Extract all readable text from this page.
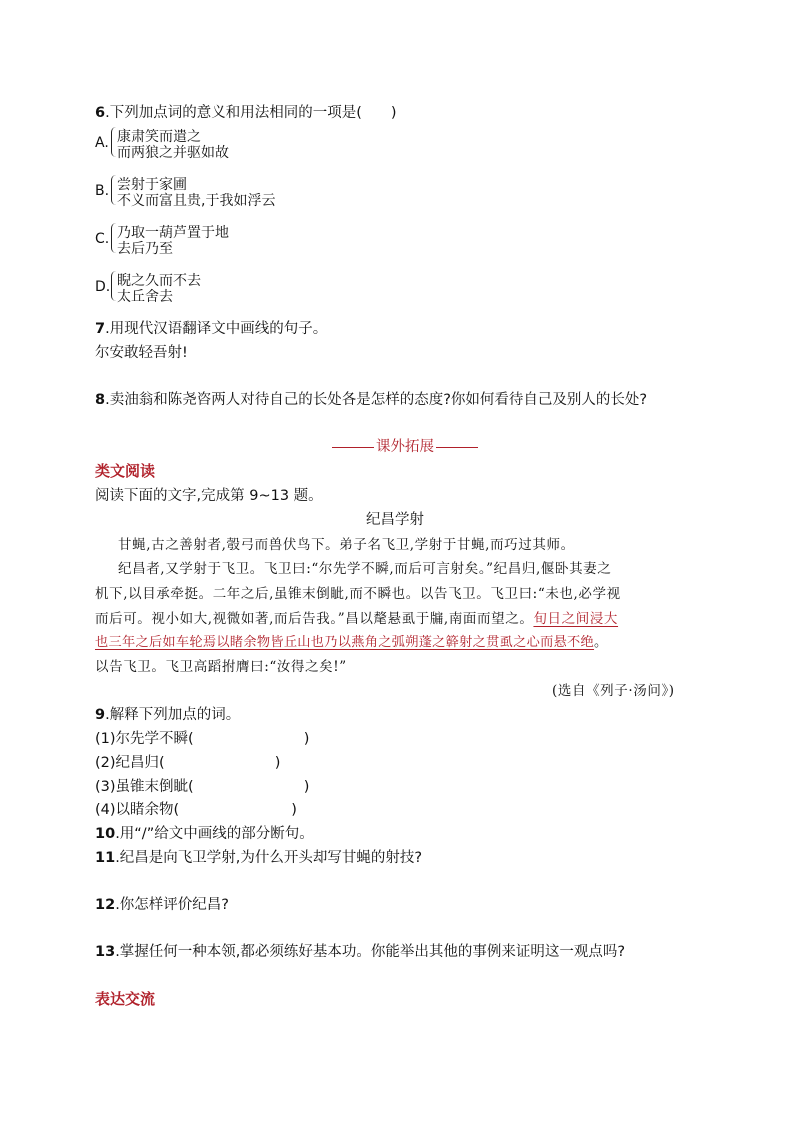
6.下列加点词的意义和用法相同的一项是(　　)
A. 康肃笑而遣之
而两狼之并驱如故
B. 尝射于家圃
不义而富且贵,于我如浮云
C. 乃取一葫芦置于地
去后乃至
D. 睨之久而不去
太丘舍去
7.用现代汉语翻译文中画线的句子。
尔安敢轻吾射!
8.卖油翁和陈尧咨两人对待自己的长处各是怎样的态度?你如何看待自己及别人的长处?
课外拓展
类文阅读
阅读下面的文字,完成第 9~13 题。
纪昌学射
甘蝇,古之善射者,彀弓而兽伏鸟下。弟子名飞卫,学射于甘蝇,而巧过其师。
纪昌者,又学射于飞卫。飞卫曰:“尔先学不瞬,而后可言射矣。”纪昌归,偃卧其妻之
机下,以目承牵挺。二年之后,虽锥末倒眦,而不瞬也。以告飞卫。飞卫曰:“未也,必学视
而后可。视小如大,视微如著,而后告我。”昌以氂悬虱于牖,南面而望之。旬日之间浸大
也三年之后如车轮焉以睹余物皆丘山也乃以燕角之弧朔蓬之簳射之贯虱之心而悬不绝。
以告飞卫。飞卫高蹈拊膺曰:“汝得之矣!”
(选自《列子·汤问》)
9.解释下列加点的词。
(1)尔先学不瞬(	)
(2)纪昌归(	)
(3)虽锥末倒眦(	)
(4)以睹余物(	)
10.用“/”给文中画线的部分断句。
11.纪昌是向飞卫学射,为什么开头却写甘蝇的射技?
12.你怎样评价纪昌?
13.掌握任何一种本领,都必须练好基本功。你能举出其他的事例来证明这一观点吗?
表达交流
